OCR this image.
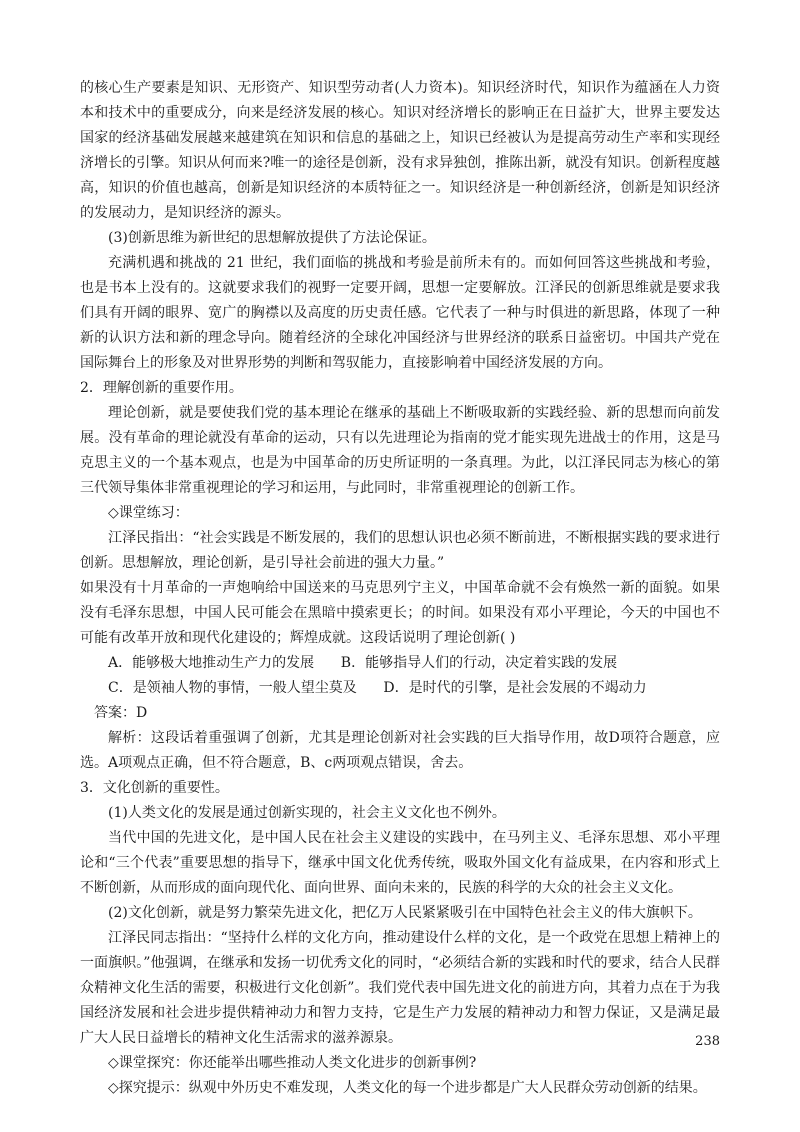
的核心生产要素是知识、无形资产、知识型劳动者(人力资本)。知识经济时代，知识作为蕴涵在人力资本和技术中的重要成分，向来是经济发展的核心。知识对经济增长的影响正在日益扩大，世界主要发达国家的经济基础发展越来越建筑在知识和信息的基础之上，知识已经被认为是提高劳动生产率和实现经济增长的引擎。知识从何而来?唯一的途径是创新，没有求异独创，推陈出新，就没有知识。创新程度越高，知识的价值也越高，创新是知识经济的本质特征之一。知识经济是一种创新经济，创新是知识经济的发展动力，是知识经济的源头。

(3)创新思维为新世纪的思想解放提供了方法论保证。

充满机遇和挑战的 21 世纪，我们面临的挑战和考验是前所未有的。而如何回答这些挑战和考验，也是书本上没有的。这就要求我们的视野一定要开阔，思想一定要解放。江泽民的创新思维就是要求我们具有开阔的眼界、宽广的胸襟以及高度的历史责任感。它代表了一种与时俱进的新思路，体现了一种新的认识方法和新的理念导向。随着经济的全球化冲国经济与世界经济的联系日益密切。中国共产党在国际舞台上的形象及对世界形势的判断和驾驭能力，直接影响着中国经济发展的方向。

2．理解创新的重要作用。

理论创新，就是要使我们党的基本理论在继承的基础上不断吸取新的实践经验、新的思想而向前发展。没有革命的理论就没有革命的运动，只有以先进理论为指南的党才能实现先进战士的作用，这是马克思主义的一个基本观点，也是为中国革命的历史所证明的一条真理。为此，以江泽民同志为核心的第三代领导集体非常重视理论的学习和运用，与此同时，非常重视理论的创新工作。

◇课堂练习：

江泽民指出：“社会实践是不断发展的，我们的思想认识也必须不断前进，不断根据实践的要求进行创新。思想解放，理论创新，是引导社会前进的强大力量。”

如果没有十月革命的一声炮响给中国送来的马克思列宁主义，中国革命就不会有焕然一新的面貌。如果没有毛泽东思想，中国人民可能会在黑暗中摸索更长；的时间。如果没有邓小平理论，今天的中国也不可能有改革开放和现代化建设的；辉煌成就。这段话说明了理论创新( )

A．能够极大地推动生产力的发展      B．能够指导人们的行动，决定着实践的发展

C．是领袖人物的事情，一般人望尘莫及      D．是时代的引擎，是社会发展的不竭动力

答案：D

解析：这段话着重强调了创新，尤其是理论创新对社会实践的巨大指导作用，故D项符合题意，应选。A项观点正确，但不符合题意，B、c两项观点错误，舍去。

3．文化创新的重要性。

(1)人类文化的发展是通过创新实现的，社会主义文化也不例外。

当代中国的先进文化，是中国人民在社会主义建设的实践中，在马列主义、毛泽东思想、邓小平理论和“三个代表”重要思想的指导下，继承中国文化优秀传统，吸取外国文化有益成果，在内容和形式上不断创新，从而形成的面向现代化、面向世界、面向未来的，民族的科学的大众的社会主义文化。

(2)文化创新，就是努力繁荣先进文化，把亿万人民紧紧吸引在中国特色社会主义的伟大旗帜下。

江泽民同志指出：“坚持什么样的文化方向，推动建设什么样的文化，是一个政党在思想上精神上的一面旗帜。”他强调，在继承和发扬一切优秀文化的同时，“必须结合新的实践和时代的要求，结合人民群众精神文化生活的需要，积极进行文化创新”。我们党代表中国先进文化的前进方向，其着力点在于为我国经济发展和社会进步提供精神动力和智力支持，它是生产力发展的精神动力和智力保证，又是满足最广大人民日益增长的精神文化生活需求的滋养源泉。

◇课堂探究：你还能举出哪些推动人类文化进步的创新事例?

◇探究提示：纵观中外历史不难发现，人类文化的每一个进步都是广大人民群众劳动创新的结果。

238
